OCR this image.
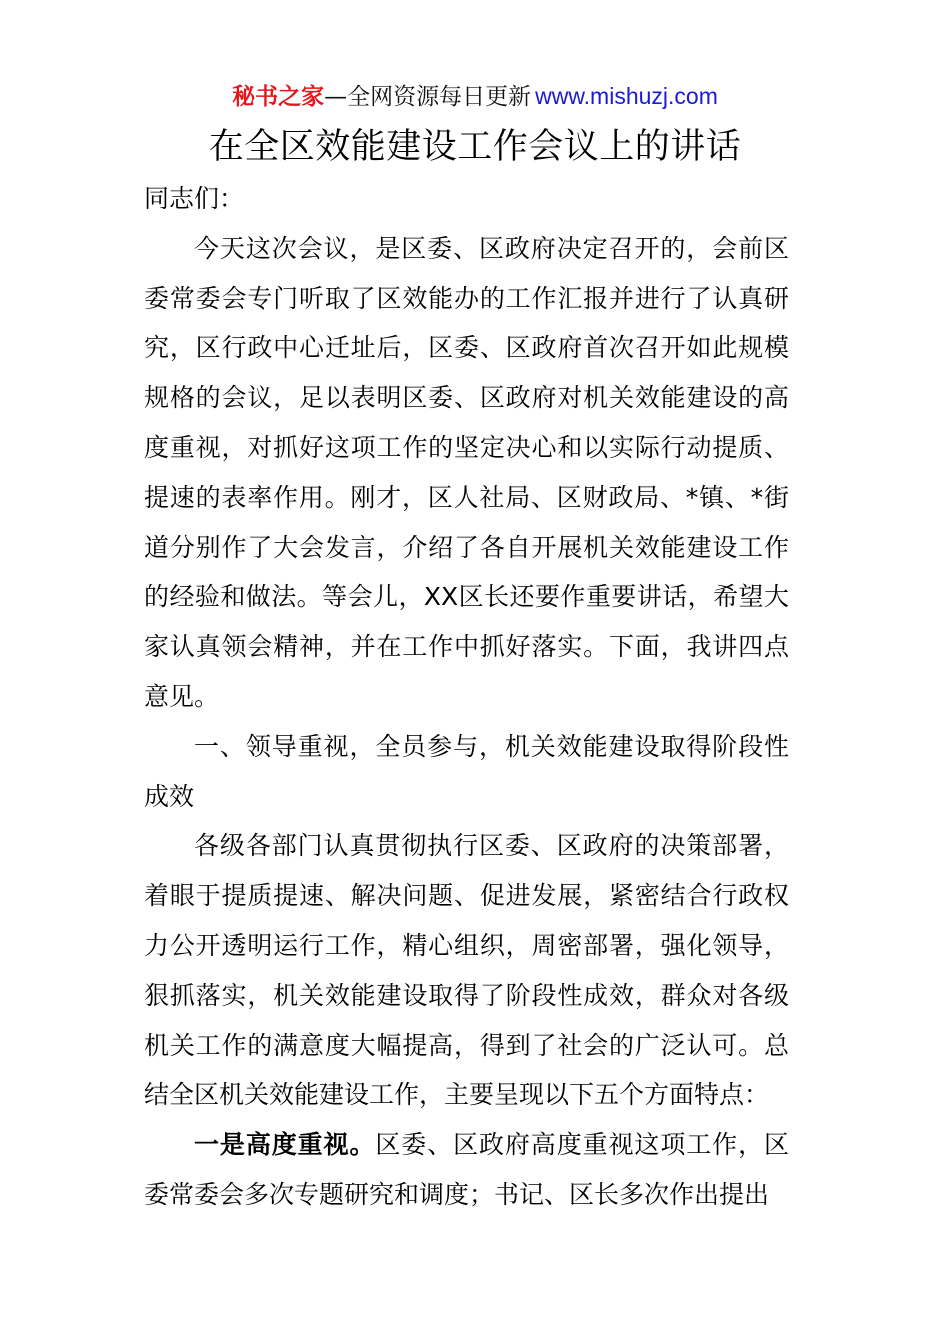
秘书之家—全网资源每日更新 www.mishuzj.com
在全区效能建设工作会议上的讲话

同志们：

今天这次会议，是区委、区政府决定召开的，会前区委常委会专门听取了区效能办的工作汇报并进行了认真研究，区行政中心迁址后，区委、区政府首次召开如此规模规格的会议，足以表明区委、区政府对机关效能建设的高度重视，对抓好这项工作的坚定决心和以实际行动提质、提速的表率作用。刚才，区人社局、区财政局、*镇、*街道分别作了大会发言，介绍了各自开展机关效能建设工作的经验和做法。等会儿，XX区长还要作重要讲话，希望大家认真领会精神，并在工作中抓好落实。下面，我讲四点意见。

一、领导重视，全员参与，机关效能建设取得阶段性成效

各级各部门认真贯彻执行区委、区政府的决策部署，着眼于提质提速、解决问题、促进发展，紧密结合行政权力公开透明运行工作，精心组织，周密部署，强化领导，狠抓落实，机关效能建设取得了阶段性成效，群众对各级机关工作的满意度大幅提高，得到了社会的广泛认可。总结全区机关效能建设工作，主要呈现以下五个方面特点：

一是高度重视。区委、区政府高度重视这项工作，区委常委会多次专题研究和调度；书记、区长多次作出提出
